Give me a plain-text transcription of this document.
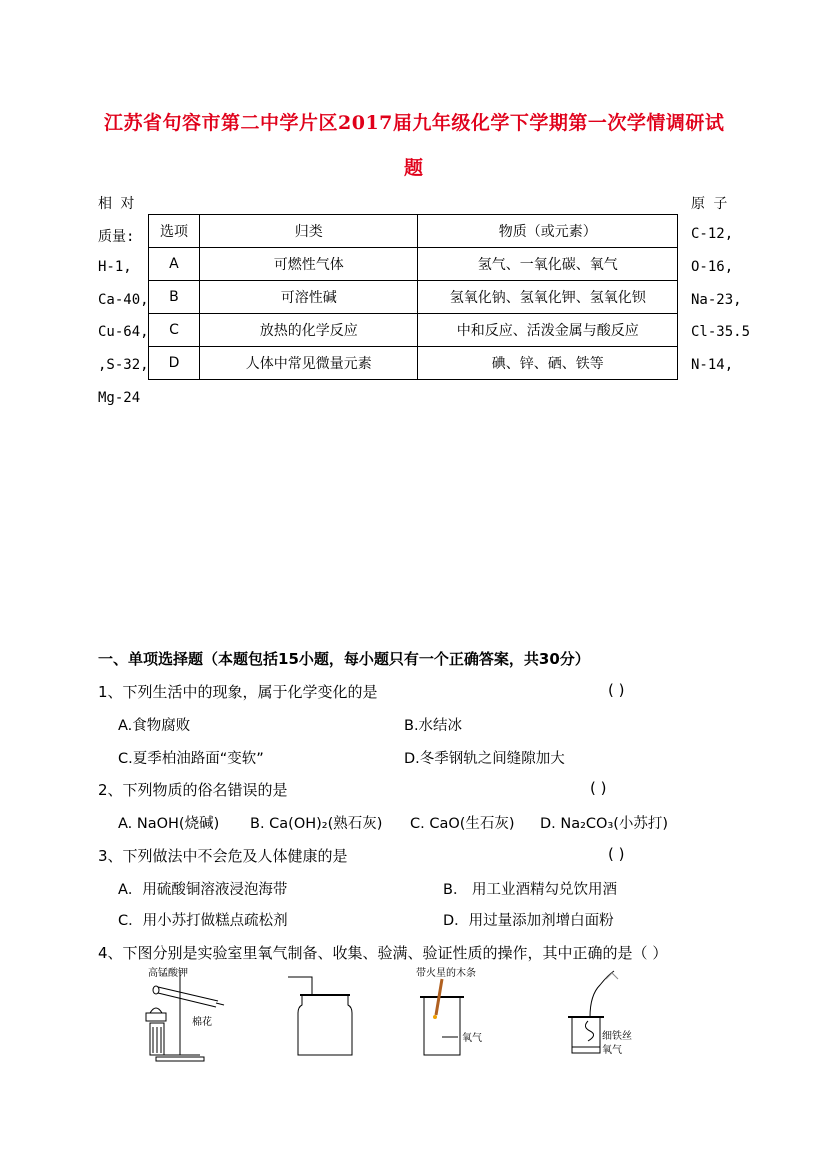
江苏省句容市第二中学片区2017届九年级化学下学期第一次学情调研试
题
相 对
质量:
H-1,
Ca-40,
Cu-64,
,S-32,
Mg-24
原 子
C-12,
O-16,
Na-23,
Cl-35.5
N-14,
选项	归类	物质（或元素）
A	可燃性气体	氢气、一氧化碳、氧气
B	可溶性碱	氢氧化钠、氢氧化钾、氢氧化钡
C	放热的化学反应	中和反应、活泼金属与酸反应
D	人体中常见微量元素	碘、锌、硒、铁等
一、单项选择题（本题包括15小题，每小题只有一个正确答案，共30分）
1、下列生活中的现象，属于化学变化的是	( )
A.食物腐败	B.水结冰
C.夏季柏油路面“变软”	D.冬季钢轨之间缝隙加大
2、下列物质的俗名错误的是	( )
A. NaOH(烧碱) B. Ca(OH)₂(熟石灰) C. CaO(生石灰) D. Na₂CO₃(小苏打)
3、下列做法中不会危及人体健康的是	( )
A．用硫酸铜溶液浸泡海带	B． 用工业酒精勾兑饮用酒
C．用小苏打做糕点疏松剂	D．用过量添加剂增白面粉
4、下图分别是实验室里氧气制备、收集、验满、验证性质的操作，其中正确的是（ ）
高锰酸钾
棉花
带火星的木条
氧气	细铁丝
氧气
